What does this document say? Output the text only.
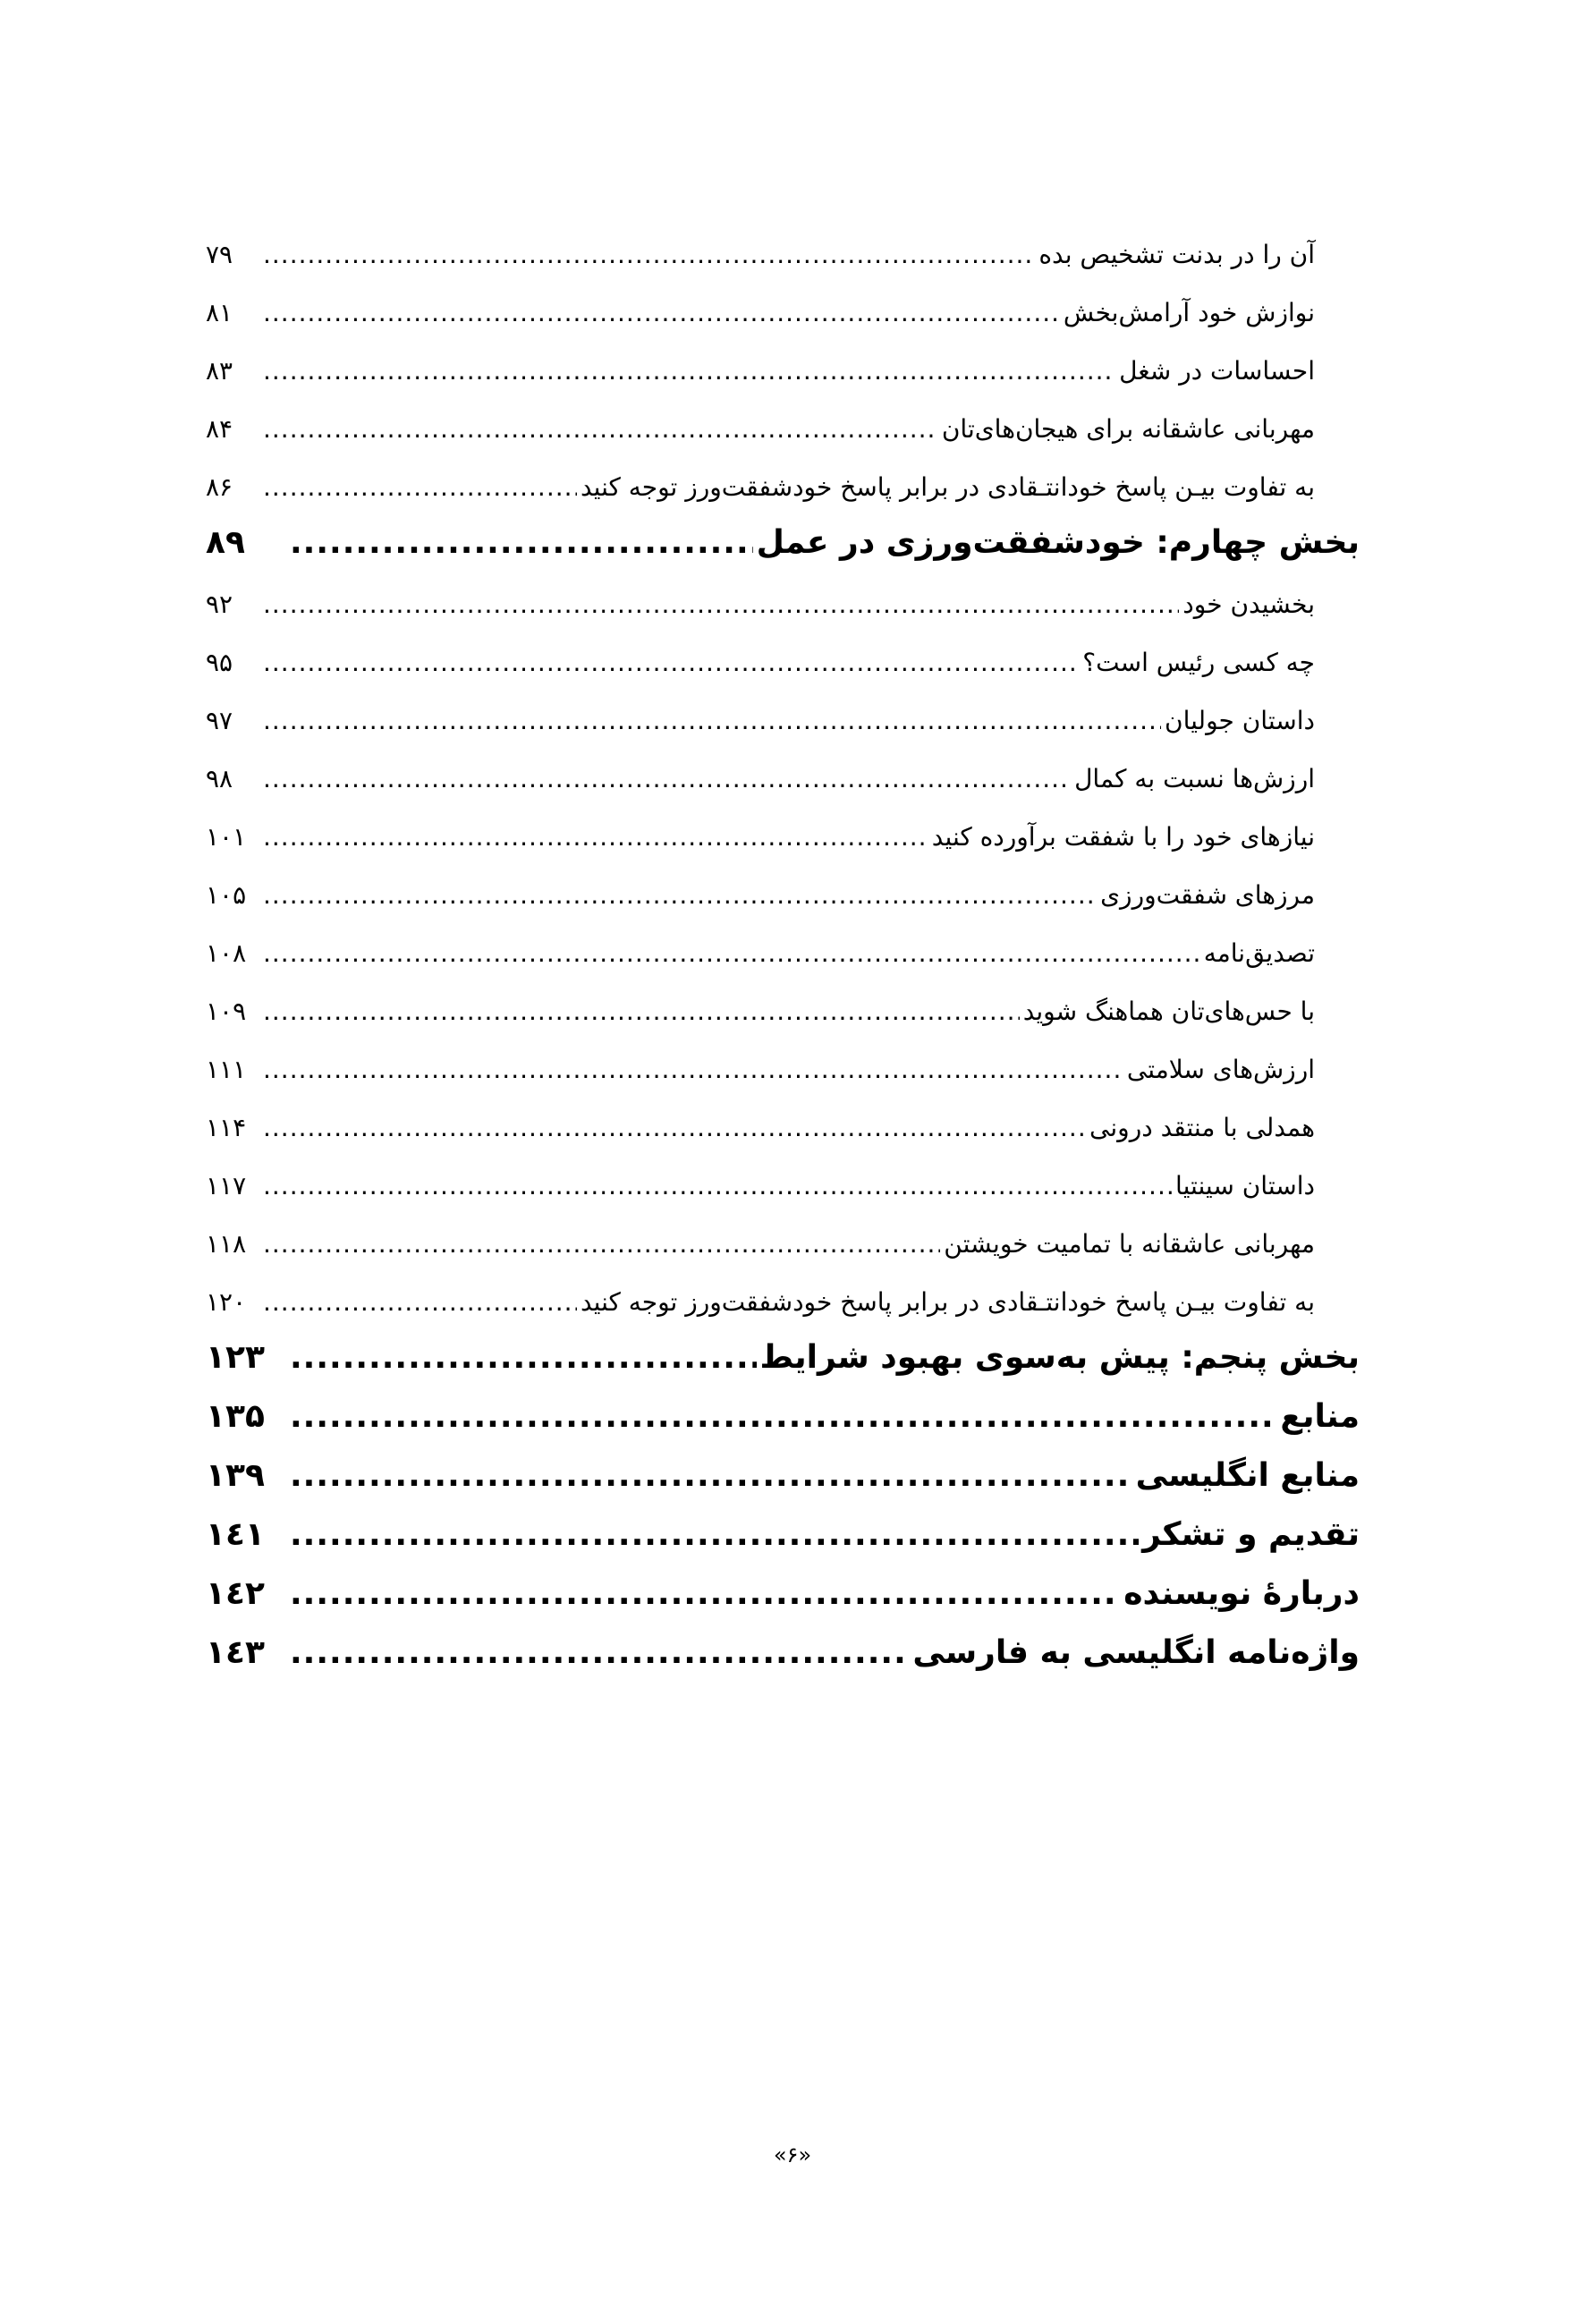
آن را در بدنت تشخیص بده
.....
۷۹
نوازش خود آرامش‌بخش
.....
۸۱
احساسات در شغل
.....
۸۳
مهربانی عاشقانه برای هیجان‌های‌تان
.....
۸۴
به تفاوت بیـن پاسخ خودانتـقادی در برابر پاسخ خودشفقت‌ورز توجه کنید
.....
۸۶
بخش چهارم: خودشفقت‌ورزی در عمل
.....
۸۹
بخشیدن خود
.....
۹۲
چه کسی رئیس است؟
.....
۹۵
داستان جولیان
.....
۹۷
ارزش‌ها نسبت به کمال
.....
۹۸
نیازهای خود را با شفقت برآورده کنید
.....
۱۰۱
مرزهای شفقت‌ورزی
.....
۱۰۵
تصدیق‌نامه
.....
۱۰۸
با حس‌های‌تان هماهنگ شوید
.....
۱۰۹
ارزش‌های سلامتی
.....
۱۱۱
همدلی با منتقد درونی
.....
۱۱۴
داستان سینتیا
.....
۱۱۷
مهربانی عاشقانه با تمامیت خویشتن
.....
۱۱۸
به تفاوت بیـن پاسخ خودانتـقادی در برابر پاسخ خودشفقت‌ورز توجه کنید
.....
۱۲۰
بخش پنجم: پیش به‌سوی بهبود شرایط
.....
۱۲۳
منابع
.....
۱۳۵
منابع انگلیسی
.....
۱۳۹
تقدیم و تشکر
.....
۱٤۱
دربارۀ نویسنده
.....
۱٤۲
واژه‌نامه انگلیسی به فارسی
.....
۱٤۳
«۶»
